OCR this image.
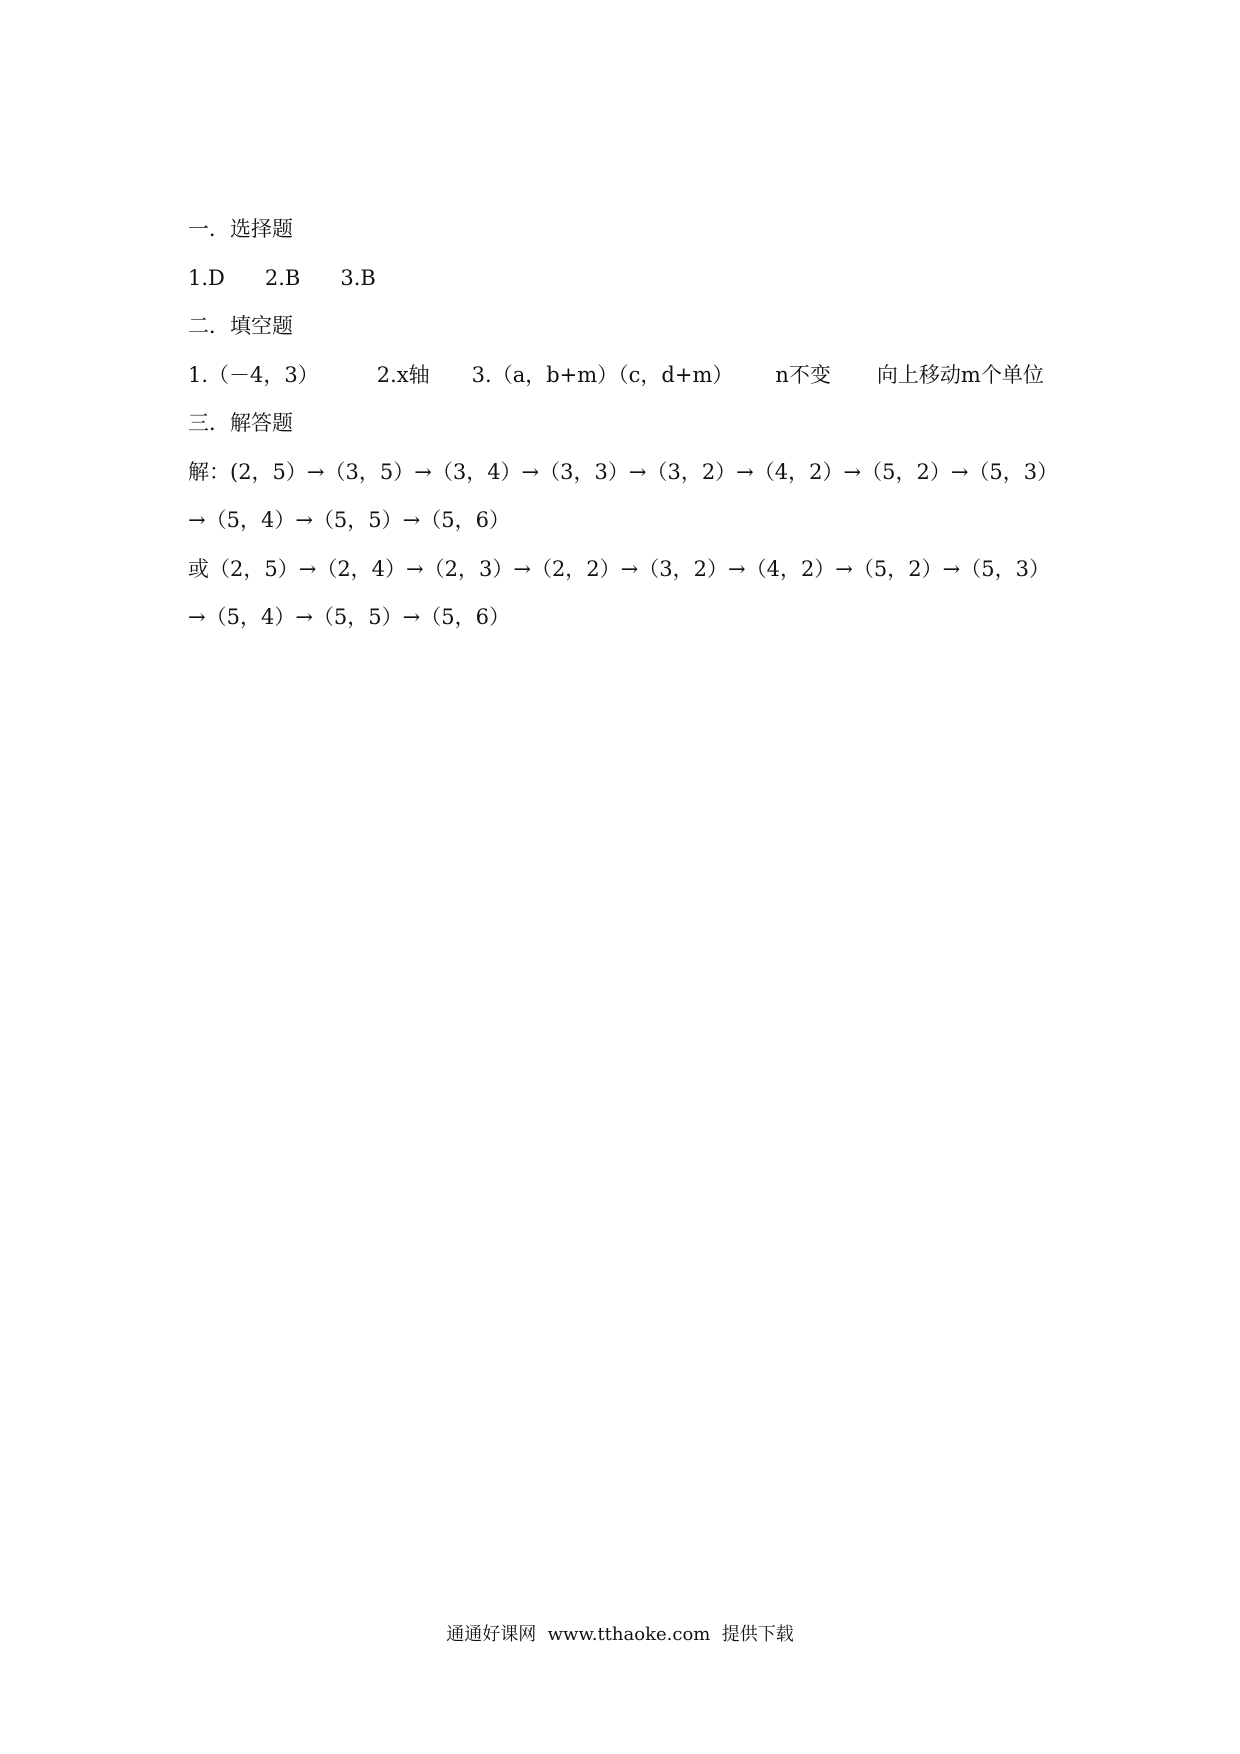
一．选择题
1.D 2.B 3.B
二．填空题
1.（－4，3）	2.x轴 3.（a，b+m）（c，d+m） n不变 向上移动m个单位
三．解答题
解：(2，5）→（3，5）→（3，4）→（3，3）→（3，2）→（4，2）→（5，2）→（5，3）
→（5，4）→（5，5）→（5，6）
或（2，5）→（2，4）→（2，3）→（2，2）→（3，2）→（4，2）→（5，2）→（5，3）
→（5，4）→（5，5）→（5，6）
通通好课网  www.tthaoke.com  提供下载
